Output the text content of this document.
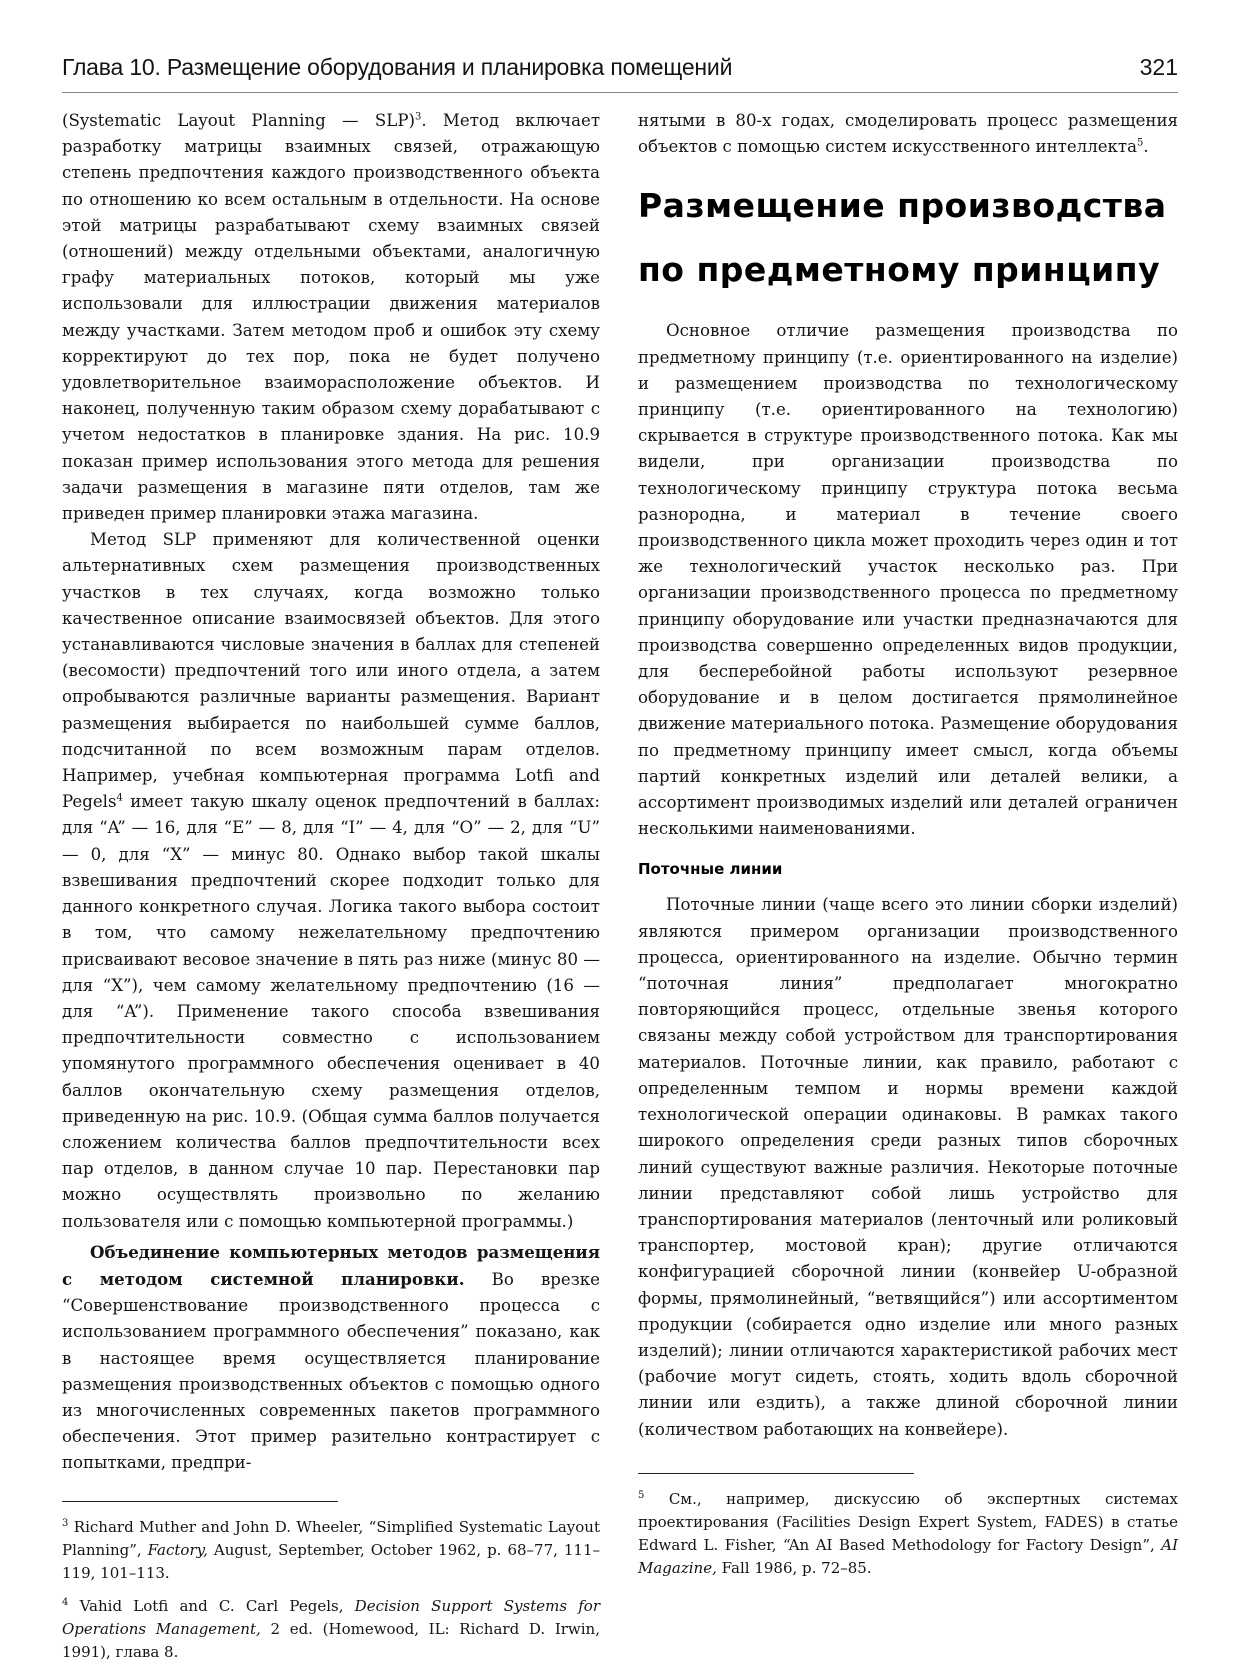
Глава 10. Размещение оборудования и планировка помещений	321

(Systematic Layout Planning — SLP)$^3$. Метод включает разработку матрицы взаимных связей, отражающую степень предпочтения каждого производственного объекта по отношению ко всем остальным в отдельности. На основе этой матрицы разрабатывают схему взаимных связей (отношений) между отдельными объектами, аналогичную графу материальных потоков, который мы уже использовали для иллюстрации движения материалов между участками. Затем методом проб и ошибок эту схему корректируют до тех пор, пока не будет получено удовлетворительное взаиморасположение объектов. И наконец, полученную таким образом схему дорабатывают с учетом недостатков в планировке здания. На рис. 10.9 показан пример использования этого метода для решения задачи размещения в магазине пяти отделов, там же приведен пример планировки этажа магазина.

Метод SLP применяют для количественной оценки альтернативных схем размещения производственных участков в тех случаях, когда возможно только качественное описание взаимосвязей объектов. Для этого устанавливаются числовые значения в баллах для степеней (весомости) предпочтений того или иного отдела, а затем опробываются различные варианты размещения. Вариант размещения выбирается по наибольшей сумме баллов, подсчитанной по всем возможным парам отделов. Например, учебная компьютерная программа Lotfi and Pegels$^4$ имеет такую шкалу оценок предпочтений в баллах: для “A” — 16, для “E” — 8, для “I” — 4, для “O” — 2, для “U” — 0, для “X” — минус 80. Однако выбор такой шкалы взвешивания предпочтений скорее подходит только для данного конкретного случая. Логика такого выбора состоит в том, что самому нежелательному предпочтению присваивают весовое значение в пять раз ниже (минус 80 — для “X”), чем самому желательному предпочтению (16 — для “A”). Применение такого способа взвешивания предпочтительности совместно с использованием упомянутого программного обеспечения оценивает в 40 баллов окончательную схему размещения отделов, приведенную на рис. 10.9. (Общая сумма баллов получается сложением количества баллов предпочтительности всех пар отделов, в данном случае 10 пар. Перестановки пар можно осуществлять произвольно по желанию пользователя или с помощью компьютерной программы.)

Объединение компьютерных методов размещения с методом системной планировки. Во врезке “Совершенствование производственного процесса с использованием программного обеспечения” показано, как в настоящее время осуществляется планирование размещения производственных объектов с помощью одного из многочисленных современных пакетов программного обеспечения. Этот пример разительно контрастирует с попытками, предпри-

$^3$ Richard Muther and John D. Wheeler, “Simplified Systematic Layout Planning”, Factory, August, September, October 1962, p. 68–77, 111–119, 101–113.

$^4$ Vahid Lotfi and C. Carl Pegels, Decision Support Systems for Operations Management, 2 ed. (Homewood, IL: Richard D. Irwin, 1991), глава 8.

нятыми в 80-х годах, смоделировать процесс размещения объектов с помощью систем искусственного интеллекта$^5$.

Размещение производства по предметному принципу

Основное отличие размещения производства по предметному принципу (т.е. ориентированного на изделие) и размещением производства по технологическому принципу (т.е. ориентированного на технологию) скрывается в структуре производственного потока. Как мы видели, при организации производства по технологическому принципу структура потока весьма разнородна, и материал в течение своего производственного цикла может проходить через один и тот же технологический участок несколько раз. При организации производственного процесса по предметному принципу оборудование или участки предназначаются для производства совершенно определенных видов продукции, для бесперебойной работы используют резервное оборудование и в целом достигается прямолинейное движение материального потока. Размещение оборудования по предметному принципу имеет смысл, когда объемы партий конкретных изделий или деталей велики, а ассортимент производимых изделий или деталей ограничен несколькими наименованиями.

Поточные линии

Поточные линии (чаще всего это линии сборки изделий) являются примером организации производственного процесса, ориентированного на изделие. Обычно термин “поточная линия” предполагает многократно повторяющийся процесс, отдельные звенья которого связаны между собой устройством для транспортирования материалов. Поточные линии, как правило, работают с определенным темпом и нормы времени каждой технологической операции одинаковы. В рамках такого широкого определения среди разных типов сборочных линий существуют важные различия. Некоторые поточные линии представляют собой лишь устройство для транспортирования материалов (ленточный или роликовый транспортер, мостовой кран); другие отличаются конфигурацией сборочной линии (конвейер U-образной формы, прямолинейный, “ветвящийся”) или ассортиментом продукции (собирается одно изделие или много разных изделий); линии отличаются характеристикой рабочих мест (рабочие могут сидеть, стоять, ходить вдоль сборочной линии или ездить), а также длиной сборочной линии (количеством работающих на конвейере).

$^5$ См., например, дискуссию об экспертных системах проектирования (Facilities Design Expert System, FADES) в статье Edward L. Fisher, “An AI Based Methodology for Factory Design”, AI Magazine, Fall 1986, p. 72–85.
